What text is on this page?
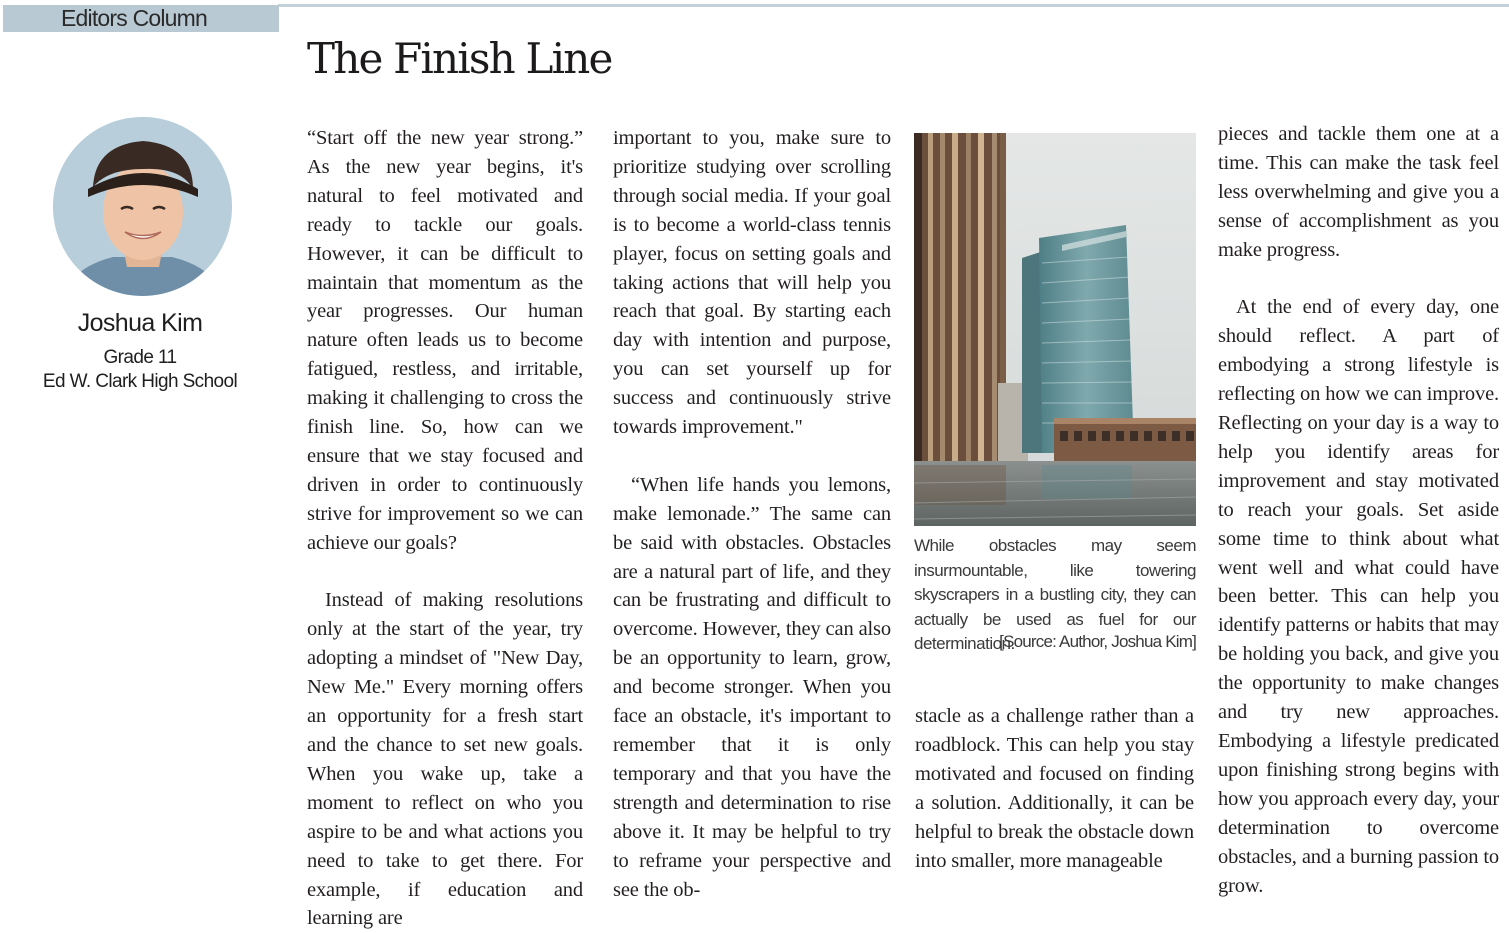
Editors Column
The Finish Line
Joshua Kim
Grade 11
Ed W. Clark High School

“Start off the new year strong.” As the new year begins, it's natural to feel motivated and ready to tackle our goals. However, it can be difficult to maintain that momentum as the year progresses. Our human nature often leads us to become fatigued, restless, and irritable, making it challenging to cross the finish line. So, how can we ensure that we stay focused and driven in order to continuously strive for improvement so we can achieve our goals?

Instead of making resolutions only at the start of the year, try adopting a mindset of "New Day, New Me." Every morning offers an opportunity for a fresh start and the chance to set new goals. When you wake up, take a moment to reflect on who you aspire to be and what actions you need to take to get there. For example, if education and learning are

important to you, make sure to prioritize studying over scrolling through social media. If your goal is to become a world-class tennis player, focus on setting goals and taking actions that will help you reach that goal. By starting each day with intention and purpose, you can set yourself up for success and continuously strive towards improvement."

“When life hands you lemons, make lemonade.” The same can be said with obstacles. Obstacles are a natural part of life, and they can be frustrating and difficult to overcome. However, they can also be an opportunity to learn, grow, and become stronger. When you face an obstacle, it's important to remember that it is only temporary and that you have the strength and determination to rise above it. It may be helpful to try to reframe your perspective and see the ob-

While obstacles may seem insurmountable, like towering skyscrapers in a bustling city, they can actually be used as fuel for our determination.

[Source: Author, Joshua Kim]

stacle as a challenge rather than a roadblock. This can help you stay motivated and focused on finding a solution. Additionally, it can be helpful to break the obstacle down into smaller, more manageable

pieces and tackle them one at a time. This can make the task feel less overwhelming and give you a sense of accomplishment as you make progress.

At the end of every day, one should reflect. A part of embodying a strong lifestyle is reflecting on how we can improve. Reflecting on your day is a way to help you identify areas for improvement and stay motivated to reach your goals. Set aside some time to think about what went well and what could have been better. This can help you identify patterns or habits that may be holding you back, and give you the opportunity to make changes and try new approaches. Embodying a lifestyle predicated upon finishing strong begins with how you approach every day, your determination to overcome obstacles, and a burning passion to grow.
